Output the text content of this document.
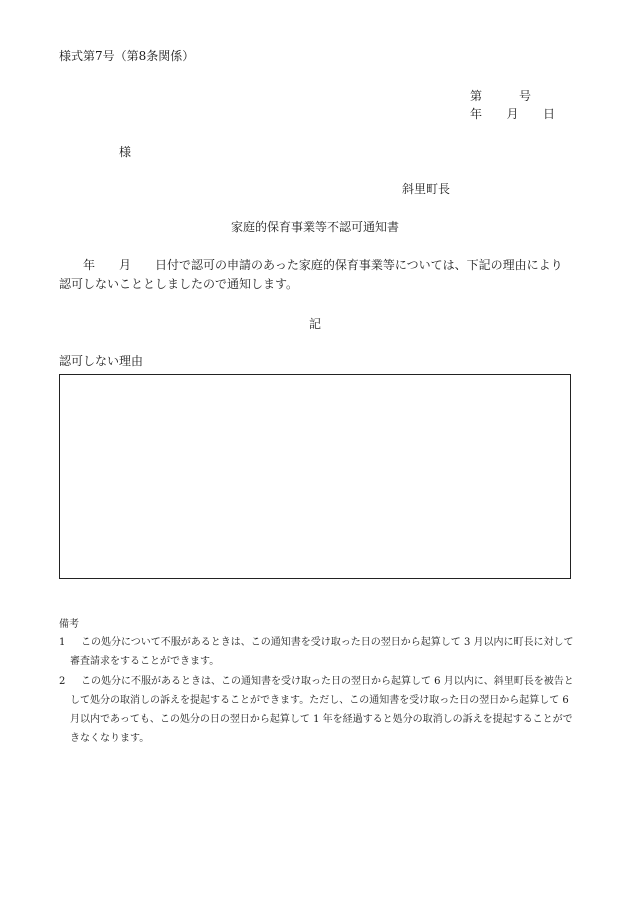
様式第7号（第8条関係）
第	号
年 月 日
様
斜里町長
家庭的保育事業等不認可通知書
年 月 日付で認可の申請のあった家庭的保育事業等については、下記の理由により
認可しないこととしましたので通知します。
記
認可しない理由
備考
1	この処分について不服があるときは、この通知書を受け取った日の翌日から起算して 3 月以内に町長に対して
審査請求をすることができます。
2	この処分に不服があるときは、この通知書を受け取った日の翌日から起算して 6 月以内に、斜里町長を被告と
して処分の取消しの訴えを提起することができます。ただし、この通知書を受け取った日の翌日から起算して 6
月以内であっても、この処分の日の翌日から起算して 1 年を経過すると処分の取消しの訴えを提起することがで
きなくなります。
